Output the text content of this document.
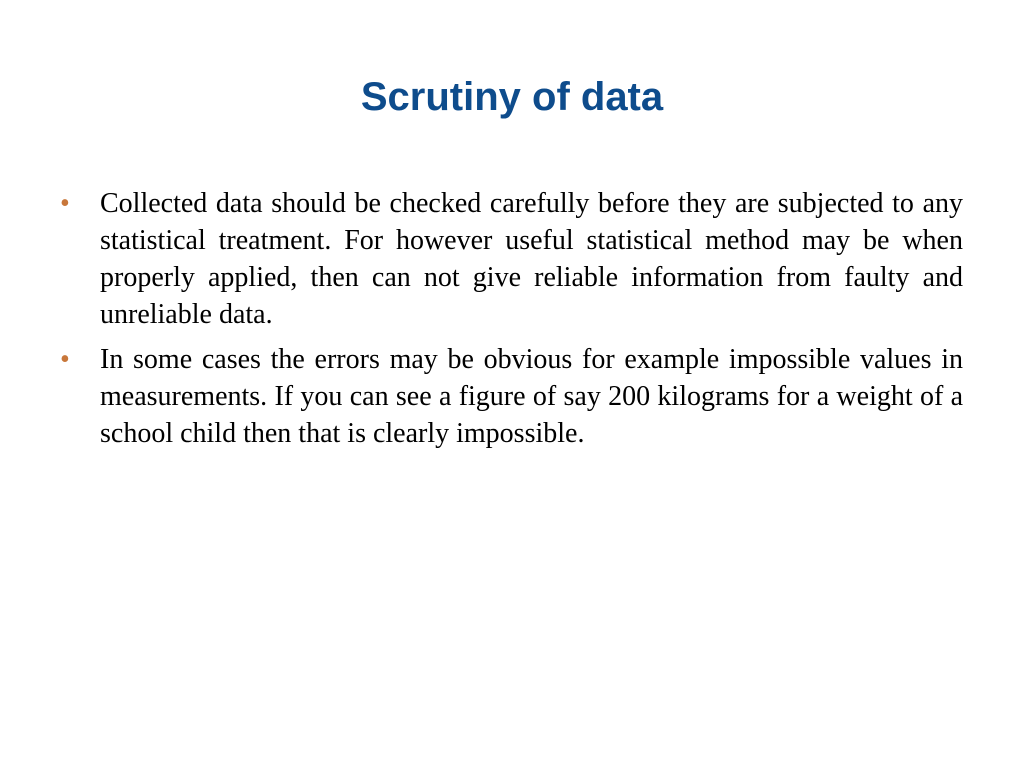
Scrutiny of data
•	Collected data should be checked carefully before they are subjected to any statistical treatment. For however useful statistical method may be when properly applied, then can not give reliable information from faulty and unreliable data.
•	In some cases the errors may be obvious for example impossible values in measurements. If you can see a figure of say 200 kilograms for a weight of a school child then that is clearly impossible.
